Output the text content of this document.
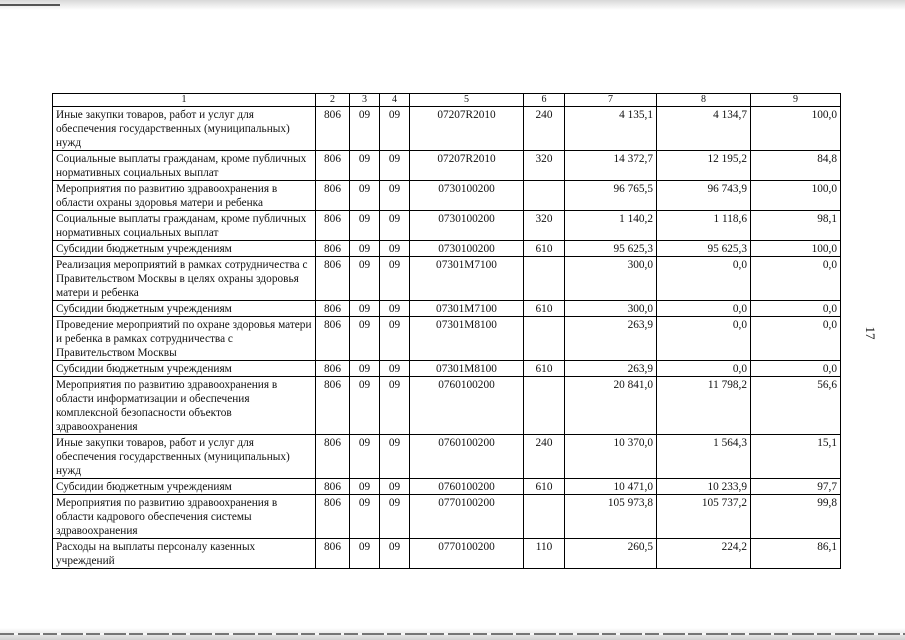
1	2	3	4	5	6	7	8	9
Иные закупки товаров, работ и услуг для обеспечения государственных (муниципальных) нужд	806	09	09	07207R2010	240	4 135,1	4 134,7	100,0
Социальные выплаты гражданам, кроме публичных нормативных социальных выплат	806	09	09	07207R2010	320	14 372,7	12 195,2	84,8
Мероприятия по развитию здравоохранения в области охраны здоровья матери и ребенка	806	09	09	0730100200		96 765,5	96 743,9	100,0
Социальные выплаты гражданам, кроме публичных нормативных социальных выплат	806	09	09	0730100200	320	1 140,2	1 118,6	98,1
Субсидии бюджетным учреждениям	806	09	09	0730100200	610	95 625,3	95 625,3	100,0
Реализация мероприятий в рамках сотрудничества с Правительством Москвы в целях охраны здоровья матери и ребенка	806	09	09	07301M7100		300,0	0,0	0,0
Субсидии бюджетным учреждениям	806	09	09	07301M7100	610	300,0	0,0	0,0
Проведение мероприятий по охране здоровья матери и ребенка в рамках сотрудничества с Правительством Москвы	806	09	09	07301M8100		263,9	0,0	0,0
Субсидии бюджетным учреждениям	806	09	09	07301M8100	610	263,9	0,0	0,0
Мероприятия по развитию здравоохранения в области информатизации и обеспечения комплексной безопасности объектов здравоохранения	806	09	09	0760100200		20 841,0	11 798,2	56,6
Иные закупки товаров, работ и услуг для обеспечения государственных (муниципальных) нужд	806	09	09	0760100200	240	10 370,0	1 564,3	15,1
Субсидии бюджетным учреждениям	806	09	09	0760100200	610	10 471,0	10 233,9	97,7
Мероприятия по развитию здравоохранения в области кадрового обеспечения системы здравоохранения	806	09	09	0770100200		105 973,8	105 737,2	99,8
Расходы на выплаты персоналу казенных учреждений	806	09	09	0770100200	110	260,5	224,2	86,1
17
